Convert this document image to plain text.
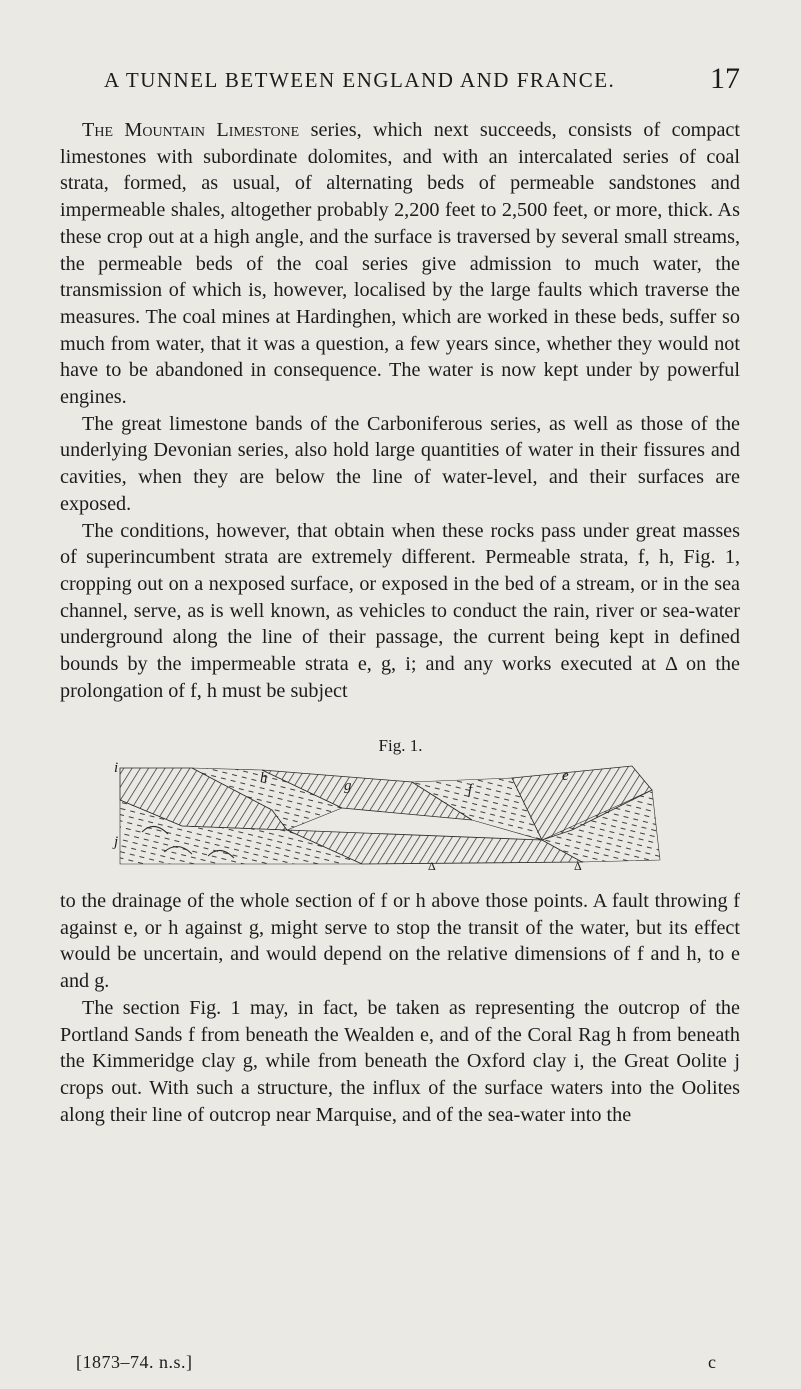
A TUNNEL BETWEEN ENGLAND AND FRANCE.	17

The Mountain Limestone series, which next succeeds, consists of compact limestones with subordinate dolomites, and with an intercalated series of coal strata, formed, as usual, of alternating beds of permeable sandstones and impermeable shales, altogether probably 2,200 feet to 2,500 feet, or more, thick. As these crop out at a high angle, and the surface is traversed by several small streams, the permeable beds of the coal series give admission to much water, the transmission of which is, however, localised by the large faults which traverse the measures. The coal mines at Hardinghen, which are worked in these beds, suffer so much from water, that it was a question, a few years since, whether they would not have to be abandoned in consequence. The water is now kept under by powerful engines.

The great limestone bands of the Carboniferous series, as well as those of the underlying Devonian series, also hold large quantities of water in their fissures and cavities, when they are below the line of water-level, and their surfaces are exposed.

The conditions, however, that obtain when these rocks pass under great masses of superincumbent strata are extremely different. Permeable strata, f, h, Fig. 1, cropping out on a nexposed surface, or exposed in the bed of a stream, or in the sea channel, serve, as is well known, as vehicles to conduct the rain, river or sea-water underground along the line of their passage, the current being kept in defined bounds by the impermeable strata e, g, i; and any works executed at Δ on the prolongation of f, h must be subject

Fig. 1.
i
h	g	f
e
j
Δ	Δ

to the drainage of the whole section of f or h above those points. A fault throwing f against e, or h against g, might serve to stop the transit of the water, but its effect would be uncertain, and would depend on the relative dimensions of f and h, to e and g.

The section Fig. 1 may, in fact, be taken as representing the outcrop of the Portland Sands f from beneath the Wealden e, and of the Coral Rag h from beneath the Kimmeridge clay g, while from beneath the Oxford clay i, the Great Oolite j crops out. With such a structure, the influx of the surface waters into the Oolites along their line of outcrop near Marquise, and of the sea-water into the

[1873–74. n.s.]	c
